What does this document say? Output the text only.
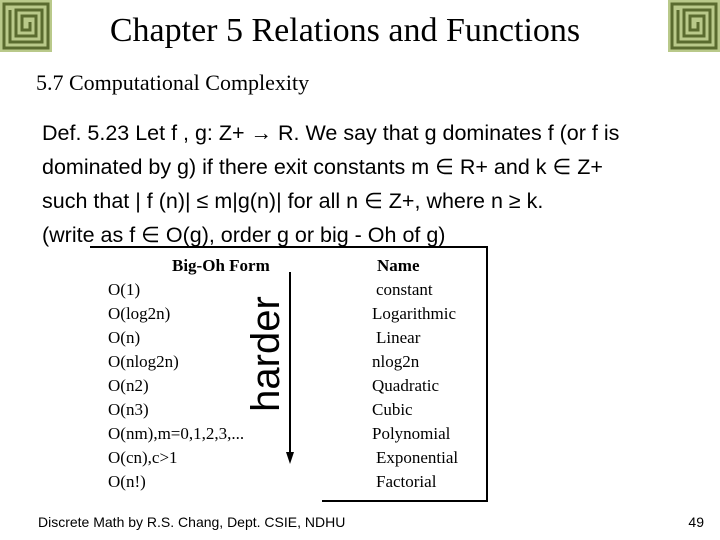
Chapter 5 Relations and Functions
5.7 Computational Complexity
Def. 5.23 Let f , g: Z+ → R. We say that g dominates f (or f is
dominated by g) if there exit constants m ∈ R+ and k ∈ Z+
such that | f (n)| ≤ m|g(n)| for all n ∈ Z+, where n ≥ k.
(write as f ∈ O(g), order g or big - Oh of g)
Big-Oh Form	Name
O(1)
O(log2n)
O(n)
O(nlog2n)
O(n2)
O(n3)
O(nm),m=0,1,2,3,...
O(cn),c>1
O(n!)
constant
Logarithmic
Linear
nlog2n
Quadratic
Cubic
Polynomial
Exponential
Factorial
harder
Discrete Math by R.S. Chang, Dept. CSIE, NDHU	49
